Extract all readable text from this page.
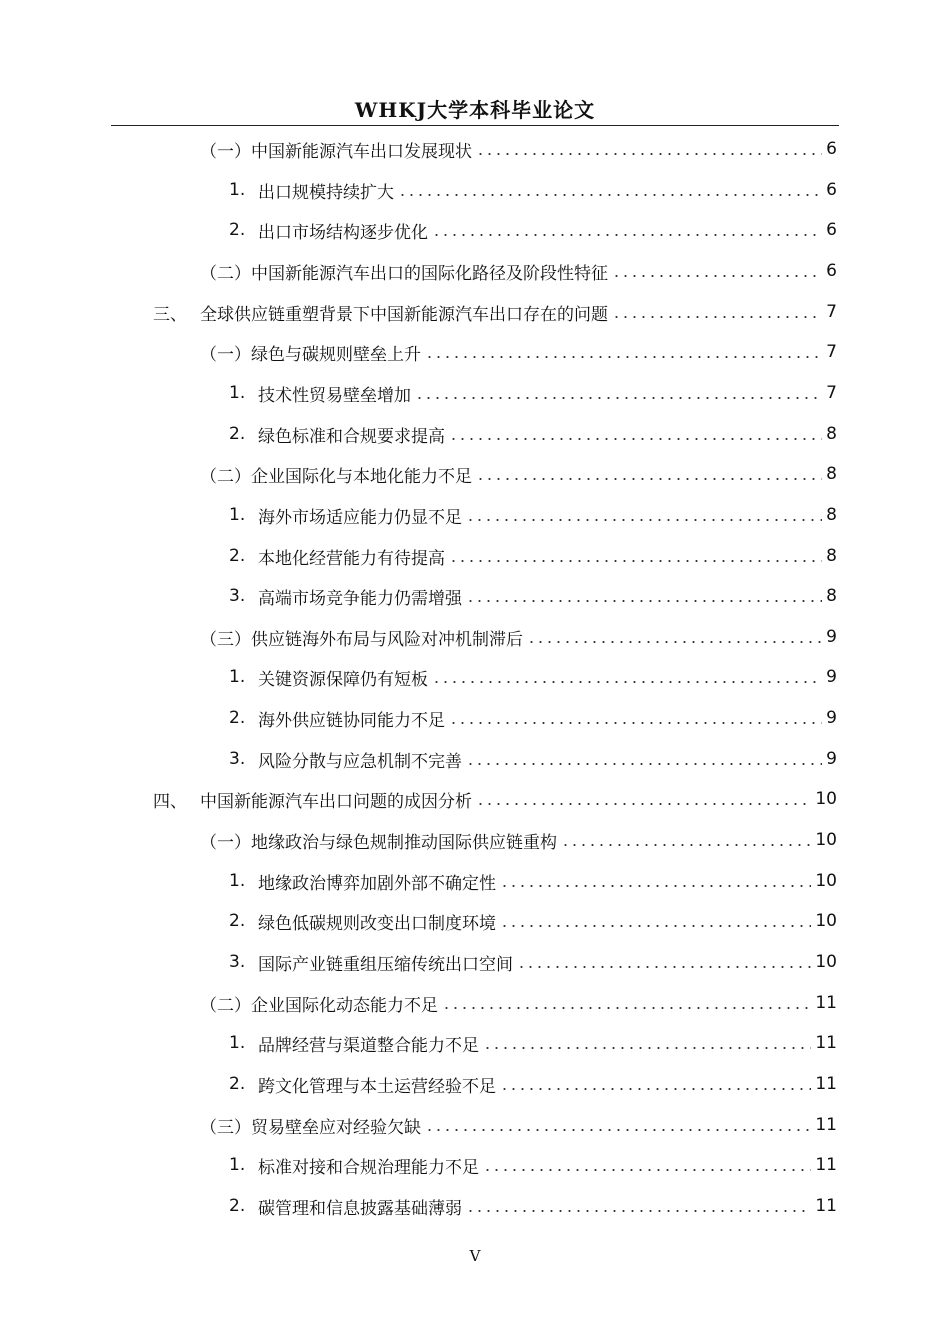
WHKJ大学本科毕业论文
（一）中国新能源汽车出口发展现状	6
1. 出口规模持续扩大	6
2. 出口市场结构逐步优化	6
（二）中国新能源汽车出口的国际化路径及阶段性特征	6
三、 全球供应链重塑背景下中国新能源汽车出口存在的问题	7
（一）绿色与碳规则壁垒上升	7
1. 技术性贸易壁垒增加	7
2. 绿色标准和合规要求提高	8
（二）企业国际化与本地化能力不足	8
1. 海外市场适应能力仍显不足	8
2. 本地化经营能力有待提高	8
3. 高端市场竞争能力仍需增强	8
（三）供应链海外布局与风险对冲机制滞后	9
1. 关键资源保障仍有短板	9
2. 海外供应链协同能力不足	9
3. 风险分散与应急机制不完善	9
四、 中国新能源汽车出口问题的成因分析	10
（一）地缘政治与绿色规制推动国际供应链重构	10
1. 地缘政治博弈加剧外部不确定性	10
2. 绿色低碳规则改变出口制度环境	10
3. 国际产业链重组压缩传统出口空间	10
（二）企业国际化动态能力不足	11
1. 品牌经营与渠道整合能力不足	11
2. 跨文化管理与本土运营经验不足	11
（三）贸易壁垒应对经验欠缺	11
1. 标准对接和合规治理能力不足	11
2. 碳管理和信息披露基础薄弱	11
V
